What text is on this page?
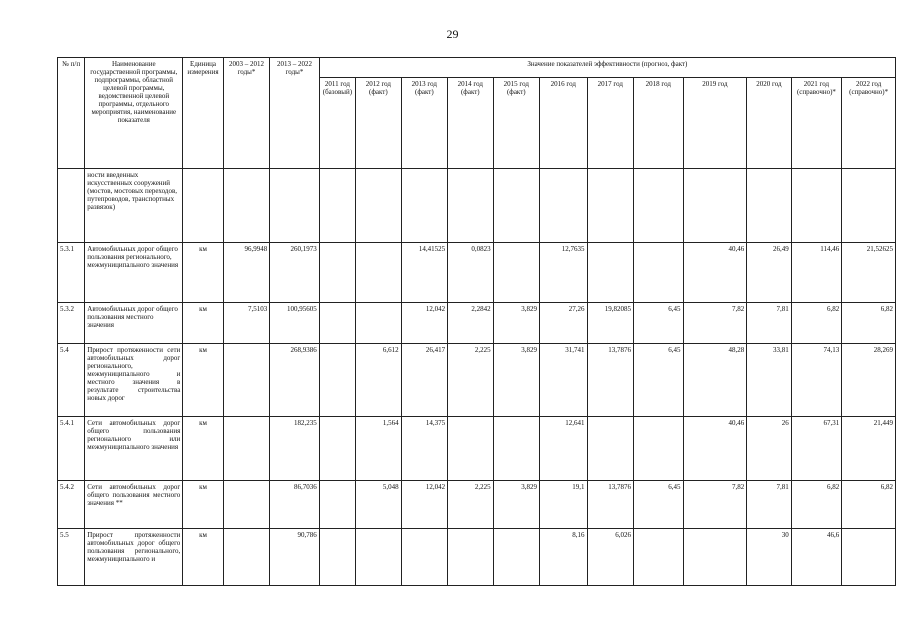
29
№ п/п	Наименование государственной программы, подпрограммы, областной целевой программы, ведомственной целевой программы, отдельного мероприятия, наименование показателя	Единица измерения	2003 – 2012 годы*	2013 – 2022 годы*	Значение показателей эффективности (прогноз, факт)											
					2011 год (базовый)	2012 год (факт)	2013 год (факт)	2014 год (факт)	2015 год (факт)	2016 год	2017 год	2018 год	2019 год	2020 год	2021 год (справочно)*	2022 год (справочно)*
	ности введенных искусственных сооружений (мостов, мостовых переходов, путепроводов, транспортных развязок)															
5.3.1	Автомобильных дорог общего пользования регионального, межмуниципального значения	км	96,9948	260,1973			14,41525	0,0823		12,7635			40,46	26,49	114,46	21,52625
5.3.2	Автомобильных дорог общего пользования местного значения	км	7,5103	100,95605			12,042	2,2842	3,829	27,26	19,82085	6,45	7,82	7,81	6,82	6,82
5.4	Прирост протяженности сети автомобильных дорог регионального, межмуниципального и местного значения в результате строительства новых дорог	км		268,9386		6,612	26,417	2,225	3,829	31,741	13,7876	6,45	48,28	33,81	74,13	28,269
5.4.1	Сети автомобильных дорог общего пользования регионального или межмуниципального значения	км		182,235		1,564	14,375			12,641			40,46	26	67,31	21,449
5.4.2	Сети автомобильных дорог общего пользования местного значения **	км		86,7036		5,048	12,042	2,225	3,829	19,1	13,7876	6,45	7,82	7,81	6,82	6,82
5.5	Прирост протяженности автомобильных дорог общего пользования регионального, межмуниципального и	км		90,786						8,16	6,026			30	46,6	
